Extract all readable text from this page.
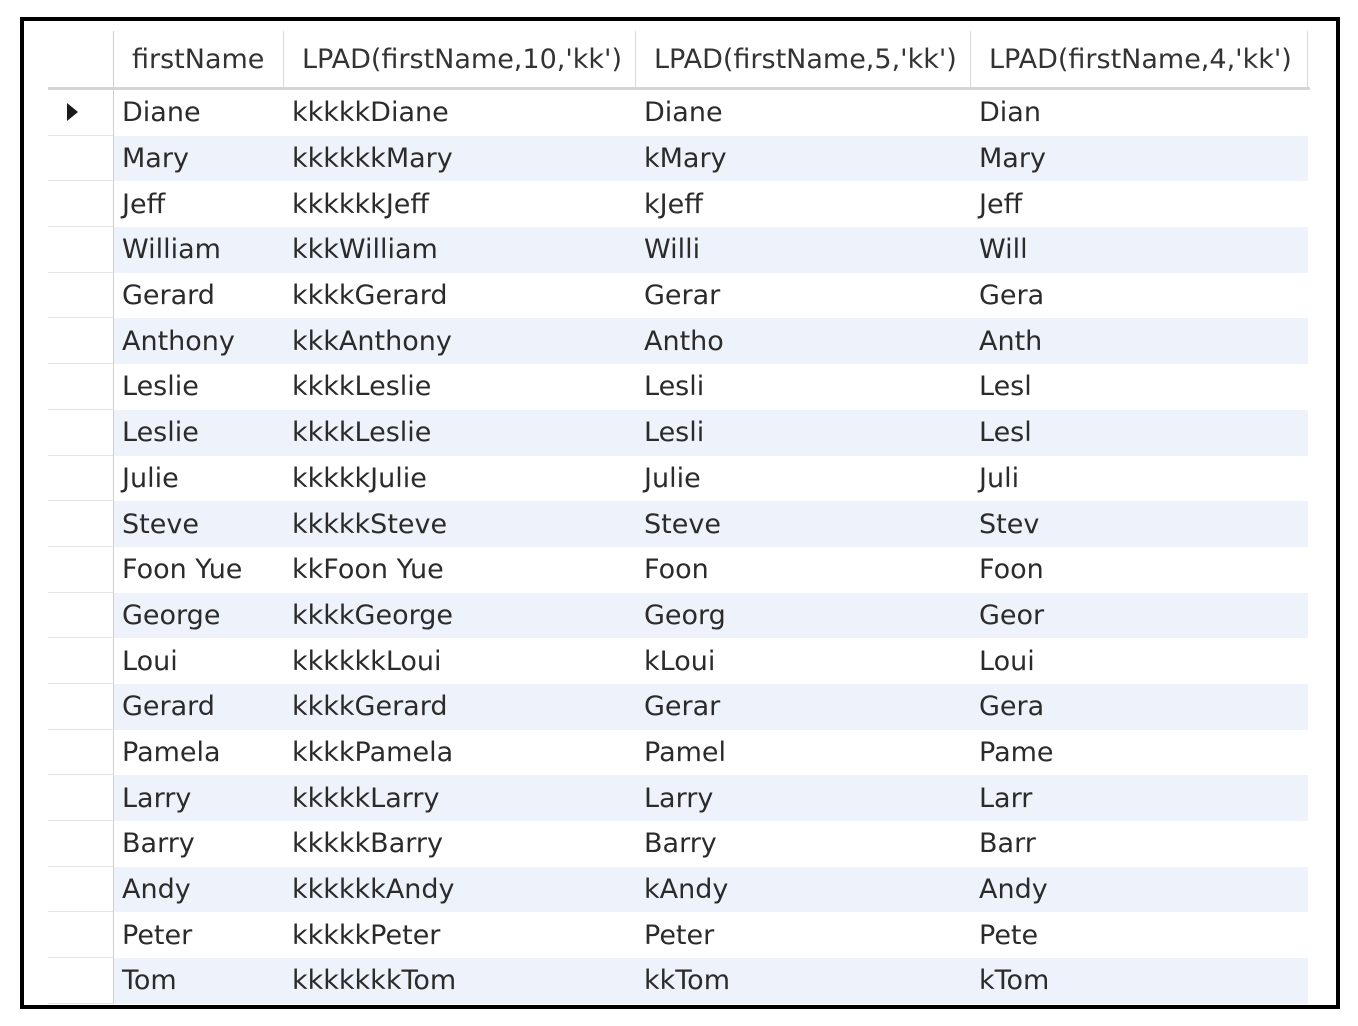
firstName	LPAD(firstName,10,'kk')	LPAD(firstName,5,'kk')	LPAD(firstName,4,'kk')
Diane	kkkkkDiane	Diane	Dian
Mary	kkkkkkMary	kMary	Mary
Jeff	kkkkkkJeff	kJeff	Jeff
William	kkkWilliam	Willi	Will
Gerard	kkkkGerard	Gerar	Gera
Anthony	kkkAnthony	Antho	Anth
Leslie	kkkkLeslie	Lesli	Lesl
Leslie	kkkkLeslie	Lesli	Lesl
Julie	kkkkkJulie	Julie	Juli
Steve	kkkkkSteve	Steve	Stev
Foon Yue	kkFoon Yue	Foon	Foon
George	kkkkGeorge	Georg	Geor
Loui	kkkkkkLoui	kLoui	Loui
Gerard	kkkkGerard	Gerar	Gera
Pamela	kkkkPamela	Pamel	Pame
Larry	kkkkkLarry	Larry	Larr
Barry	kkkkkBarry	Barry	Barr
Andy	kkkkkkAndy	kAndy	Andy
Peter	kkkkkPeter	Peter	Pete
Tom	kkkkkkkTom	kkTom	kTom
